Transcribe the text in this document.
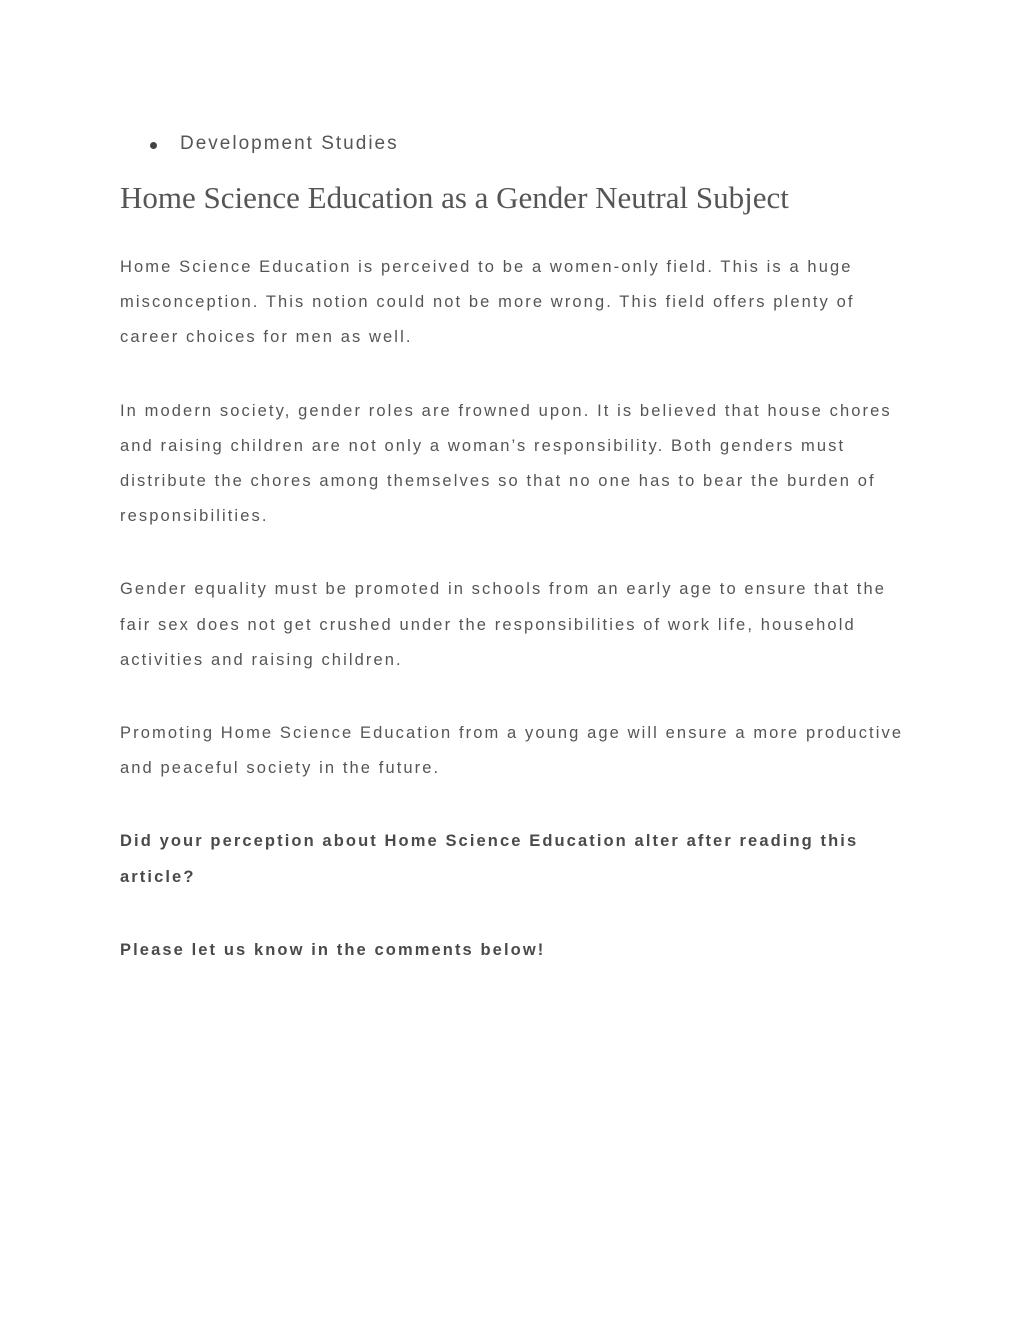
Development Studies
Home Science Education as a Gender Neutral Subject

Home Science Education is perceived to be a women-only field. This is a huge misconception. This notion could not be more wrong. This field offers plenty of career choices for men as well.

In modern society, gender roles are frowned upon. It is believed that house chores and raising children are not only a woman’s responsibility. Both genders must distribute the chores among themselves so that no one has to bear the burden of responsibilities.

Gender equality must be promoted in schools from an early age to ensure that the fair sex does not get crushed under the responsibilities of work life, household activities and raising children.

Promoting Home Science Education from a young age will ensure a more productive and peaceful society in the future.

Did your perception about Home Science Education alter after reading this article?

Please let us know in the comments below!
